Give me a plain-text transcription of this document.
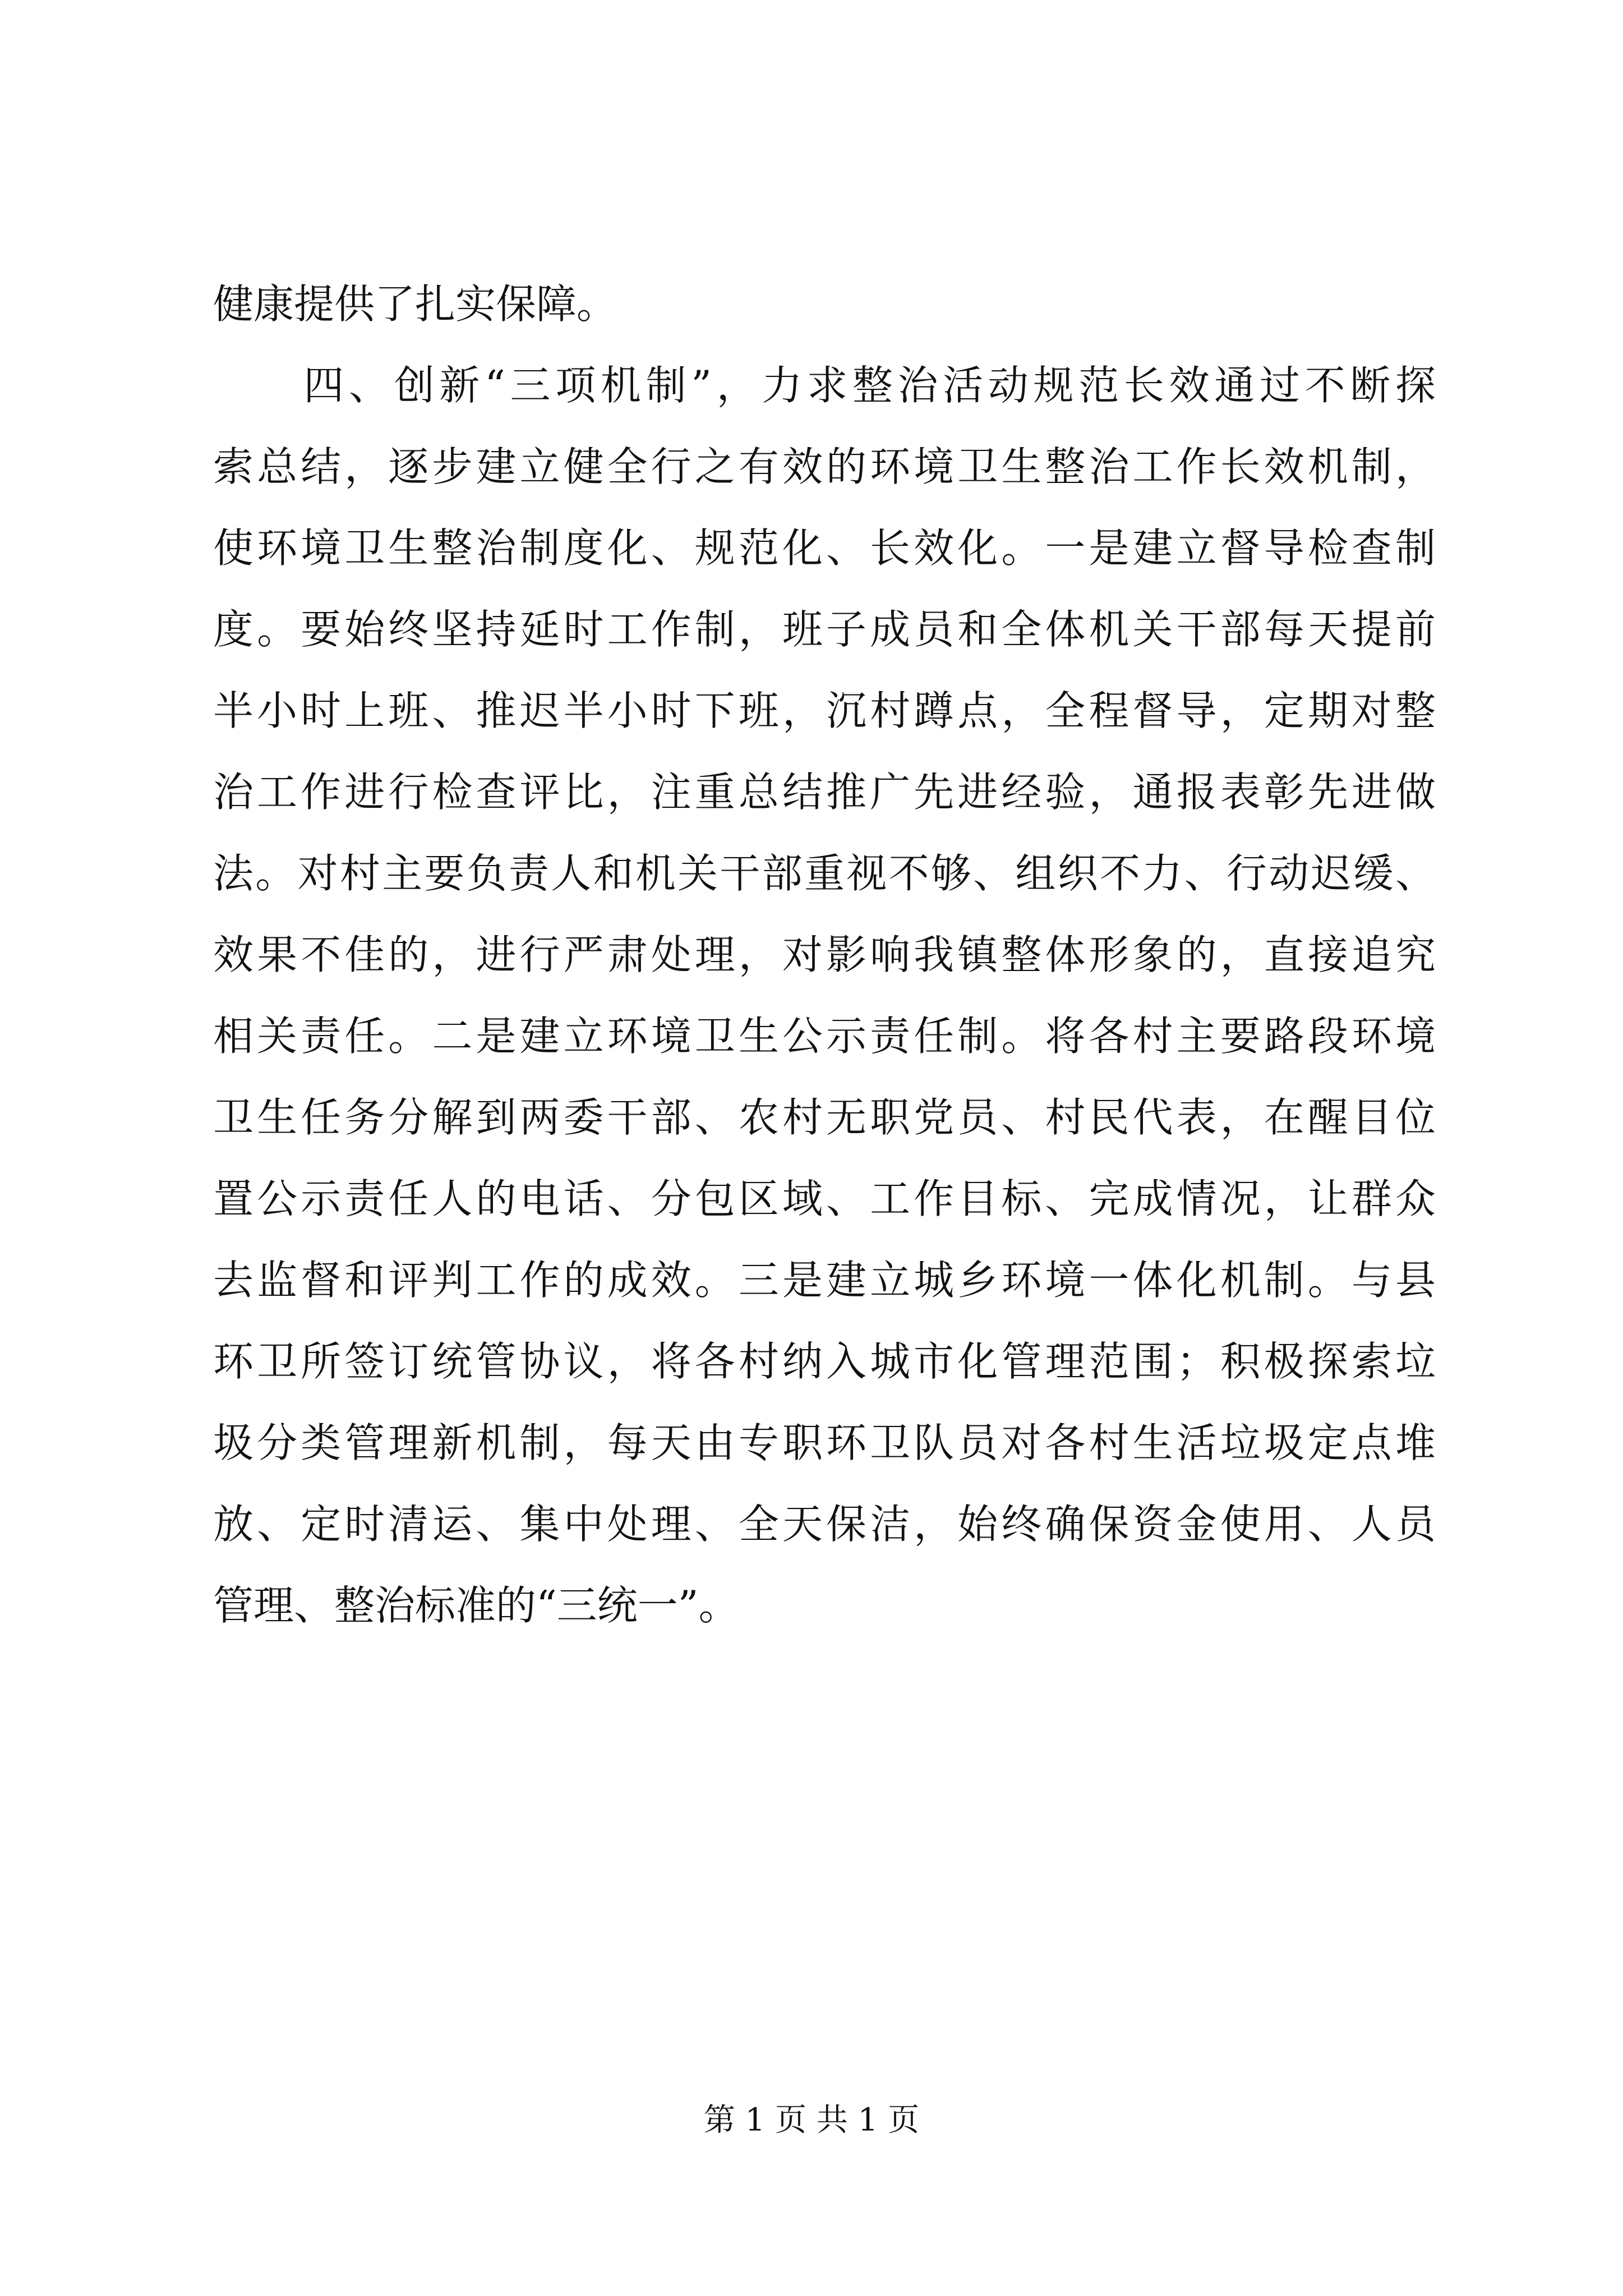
健康提供了扎实保障。
　　四、创新“三项机制”，力求整治活动规范长效通过不断探
索总结，逐步建立健全行之有效的环境卫生整治工作长效机制，
使环境卫生整治制度化、规范化、长效化。一是建立督导检查制
度。要始终坚持延时工作制，班子成员和全体机关干部每天提前
半小时上班、推迟半小时下班，沉村蹲点，全程督导，定期对整
治工作进行检查评比，注重总结推广先进经验，通报表彰先进做
法。对村主要负责人和机关干部重视不够、组织不力、行动迟缓、
效果不佳的，进行严肃处理，对影响我镇整体形象的，直接追究
相关责任。二是建立环境卫生公示责任制。将各村主要路段环境
卫生任务分解到两委干部、农村无职党员、村民代表，在醒目位
置公示责任人的电话、分包区域、工作目标、完成情况，让群众
去监督和评判工作的成效。三是建立城乡环境一体化机制。与县
环卫所签订统管协议，将各村纳入城市化管理范围；积极探索垃
圾分类管理新机制，每天由专职环卫队员对各村生活垃圾定点堆
放、定时清运、集中处理、全天保洁，始终确保资金使用、人员
管理、整治标准的“三统一”。
第 1 页 共 1 页
